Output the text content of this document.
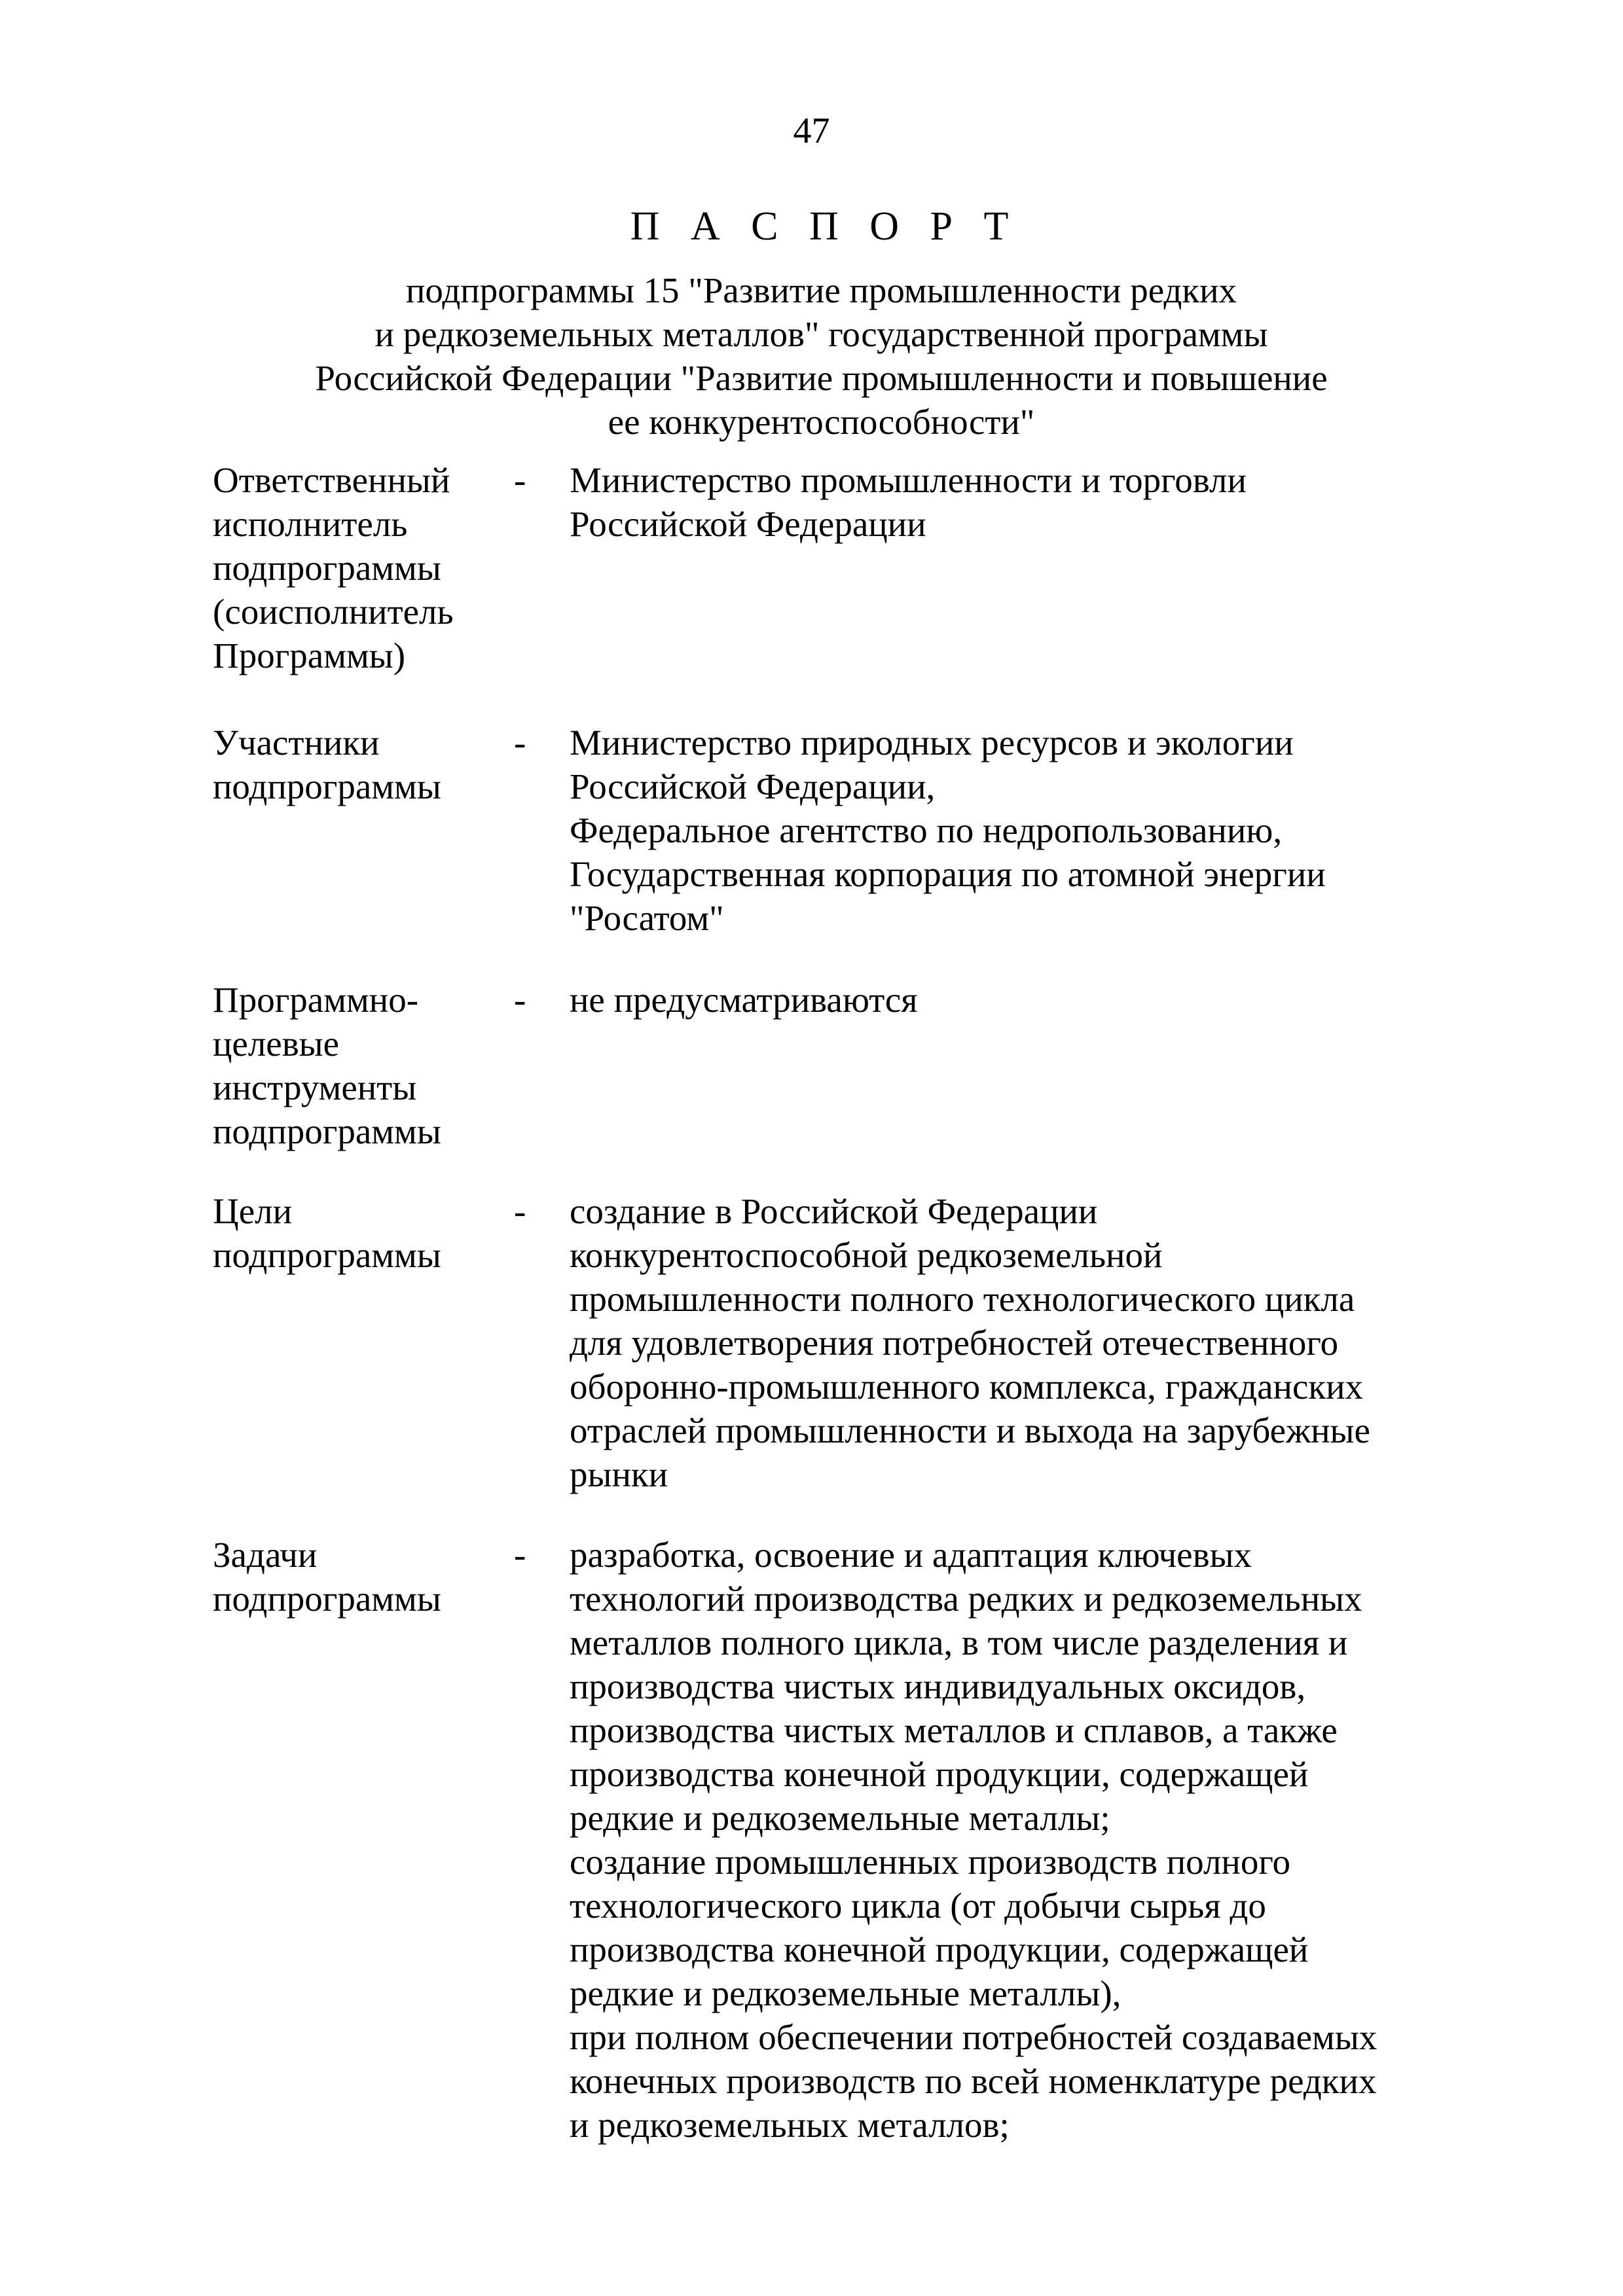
47
П А С П О Р Т
подпрограммы 15 "Развитие промышленности редких
и редкоземельных металлов" государственной программы
Российской Федерации "Развитие промышленности и повышение
ее конкурентоспособности"
Ответственный
исполнитель
подпрограммы
(соисполнитель
Программы)
-	Министерство промышленности и торговли
Российской Федерации
Участники
подпрограммы
-	Министерство природных ресурсов и экологии
Российской Федерации,
Федеральное агентство по недропользованию,
Государственная корпорация по атомной энергии
"Росатом"
Программно-
целевые
инструменты
подпрограммы
-	не предусматриваются
Цели
подпрограммы
-	создание в Российской Федерации
конкурентоспособной редкоземельной
промышленности полного технологического цикла
для удовлетворения потребностей отечественного
оборонно-промышленного комплекса, гражданских
отраслей промышленности и выхода на зарубежные
рынки
Задачи
подпрограммы
-	разработка, освоение и адаптация ключевых
технологий производства редких и редкоземельных
металлов полного цикла, в том числе разделения и
производства чистых индивидуальных оксидов,
производства чистых металлов и сплавов, а также
производства конечной продукции, содержащей
редкие и редкоземельные металлы;
создание промышленных производств полного
технологического цикла (от добычи сырья до
производства конечной продукции, содержащей
редкие и редкоземельные металлы),
при полном обеспечении потребностей создаваемых
конечных производств по всей номенклатуре редких
и редкоземельных металлов;
